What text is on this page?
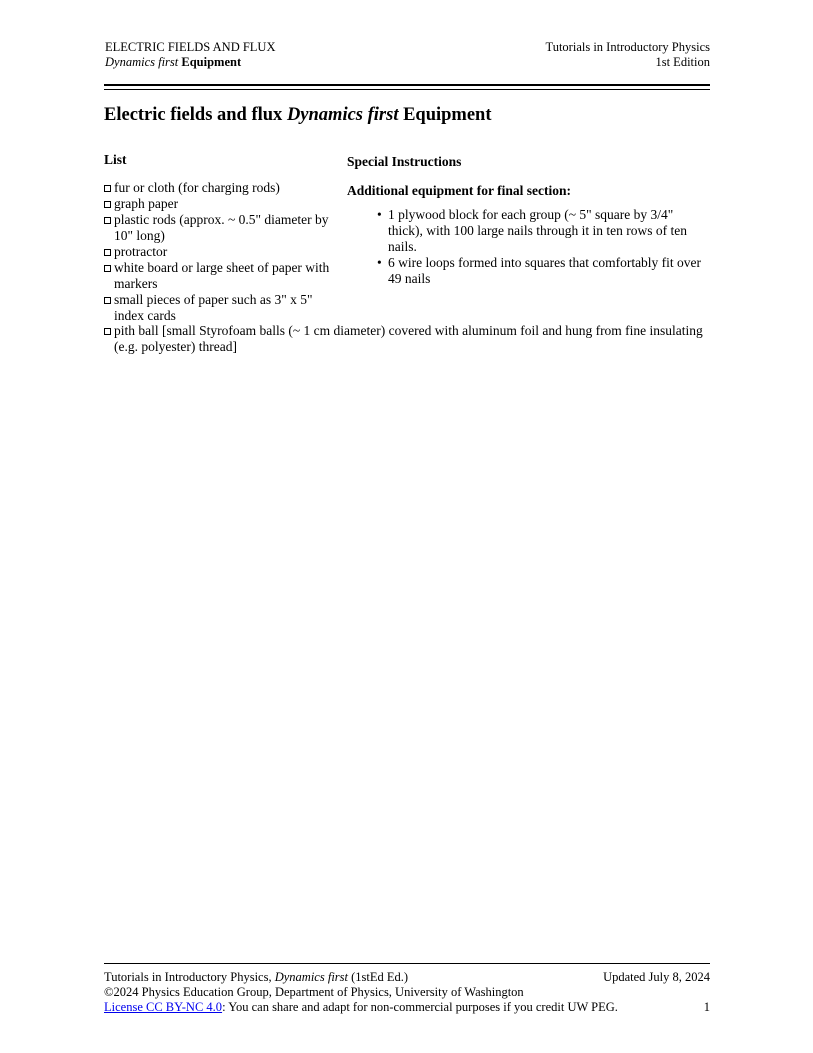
ELECTRIC FIELDS AND FLUX
Dynamics first Equipment
Tutorials in Introductory Physics
1st Edition
Electric fields and flux Dynamics first Equipment
List
fur or cloth (for charging rods)
graph paper
plastic rods (approx. ~ 0.5" diameter by 10" long)
protractor
white board or large sheet of paper with markers
small pieces of paper such as 3" x 5" index cards
pith ball [small Styrofoam balls (~ 1 cm diameter) covered with aluminum foil and hung from fine insulating (e.g. polyester) thread]
Special Instructions
Additional equipment for final section:
• 1 plywood block for each group (~ 5" square by 3/4" thick), with 100 large nails through it in ten rows of ten nails.
• 6 wire loops formed into squares that comfortably fit over 49 nails
Tutorials in Introductory Physics, Dynamics first (1stEd Ed.)	Updated July 8, 2024
©2024 Physics Education Group, Department of Physics, University of Washington
License CC BY-NC 4.0: You can share and adapt for non-commercial purposes if you credit UW PEG.	1
